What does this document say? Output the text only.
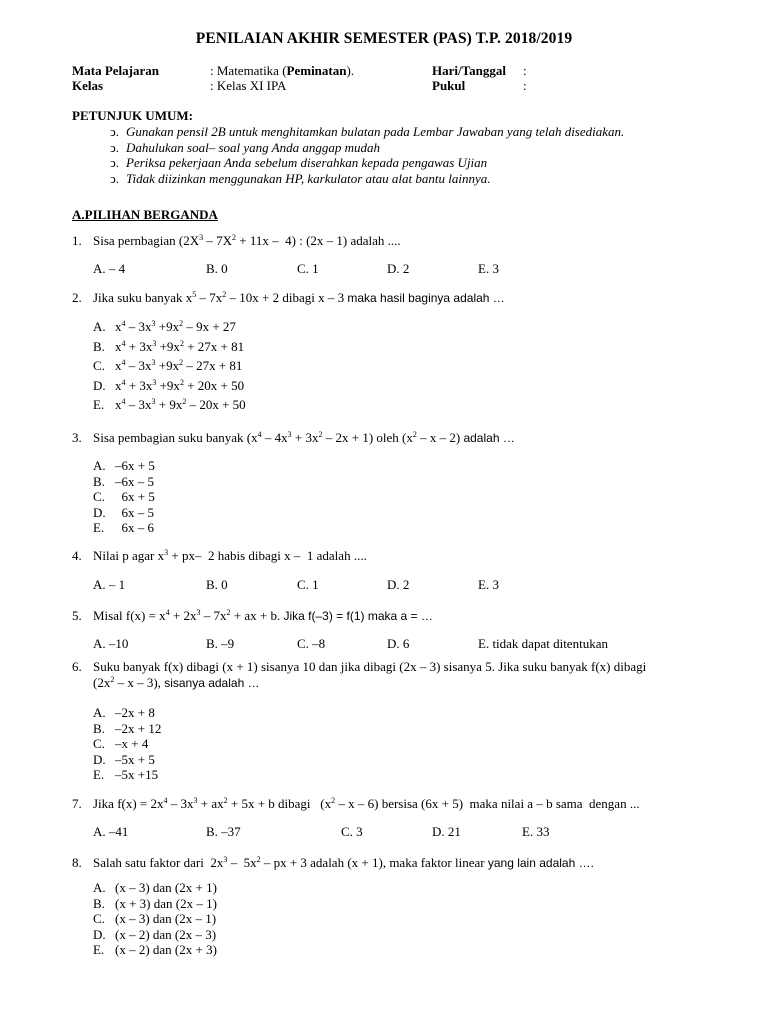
PENILAIAN AKHIR SEMESTER (PAS) T.P. 2018/2019
Mata Pelajaran	: Matematika (Peminatan).	Hari/Tanggal :
Kelas	: Kelas XI IPA	Pukul	:
PETUNJUK UMUM:
ↄ. Gunakan pensil 2B untuk menghitamkan bulatan pada Lembar Jawaban yang telah disediakan.
ↄ. Dahulukan soal– soal yang Anda anggap mudah
ↄ. Periksa pekerjaan Anda sebelum diserahkan kepada pengawas Ujian
ↄ. Tidak diizinkan menggunakan HP, karkulator atau alat bantu lainnya.
A.PILIHAN BERGANDA
1. Sisa pernbagian $(2X^3 - 7X^2 + 11x - 4)$ : (2x – 1) adalah ....
A. – 4	B. 0	C. 1	D. 2	E. 3
2. Jika suku banyak $x^5 - 7x^2 - 10x + 2$ dibagi x – 3 maka hasil baginya adalah …
A. $x^4 - 3x^3 +9x^2 - 9x + 27$
B. $x^4 + 3x^3 +9x^2 + 27x + 81$
C. $x^4 - 3x^3 +9x^2 - 27x + 81$
D. $x^4 + 3x^3 +9x^2 + 20x + 50$
E. $x^4 - 3x^3 + 9x^2 - 20x + 50$
3. Sisa pembagian suku banyak $(x^4 - 4x^3 + 3x^2 - 2x + 1)$ oleh ($x^2$ – x – 2) adalah …
A. –6x + 5
B. –6x – 5
C.  6x + 5
D.  6x – 5
E.  6x – 6
4. Nilai p agar $x^3 + px-$  2 habis dibagi x –  1 adalah ....
A. – 1	B. 0	C. 1	D. 2	E. 3
5. Misal $f(x) = x^4 + 2x^3 - 7x^2$ + ax + b. Jika f(–3) = f(1) maka a = …
A. –10	B. –9	C. –8	D. 6	E. tidak dapat ditentukan
6. Suku banyak f(x) dibagi (x + 1) sisanya 10 dan jika dibagi (2x – 3) sisanya 5. Jika suku banyak f(x) dibagi
($2x^2$ – x – 3), sisanya adalah …
A. –2x + 8
B. –2x + 12
C. –x + 4
D. –5x + 5
E. –5x +15
7. Jika $f(x) = 2x^4 - 3x^3 + ax^2 + 5x + b$ dibagi   ($x^2$ – x – 6) bersisa (6x + 5)  maka nilai a – b sama  dengan ...
A. –41	B. –37	C. 3	D. 21	E. 33
8. Salah satu faktor dari  $2x^3 - 5x^2$ – px + 3 adalah (x + 1), maka faktor linear yang lain adalah ….
A. (x – 3) dan (2x + 1)
B. (x + 3) dan (2x – 1)
C. (x – 3) dan (2x – 1)
D. (x – 2) dan (2x – 3)
E. (x – 2) dan (2x + 3)
